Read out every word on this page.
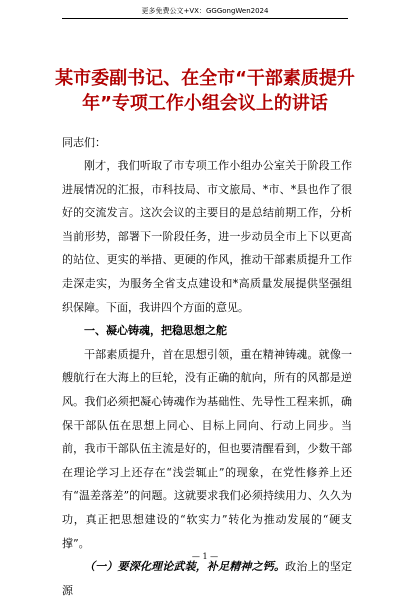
更多免费公文+VX：GGGongWen2024
某市委副书记、在全市“干部素质提升年”专项工作小组会议上的讲话
同志们：

刚才，我们听取了市专项工作小组办公室关于阶段工作进展情况的汇报，市科技局、市文旅局、*市、*县也作了很好的交流发言。这次会议的主要目的是总结前期工作，分析当前形势，部署下一阶段任务，进一步动员全市上下以更高的站位、更实的举措、更硬的作风，推动干部素质提升工作走深走实，为服务全省支点建设和*高质量发展提供坚强组织保障。下面，我讲四个方面的意见。

一、凝心铸魂，把稳思想之舵

干部素质提升，首在思想引领，重在精神铸魂。就像一艘航行在大海上的巨轮，没有正确的航向，所有的风都是逆风。我们必须把凝心铸魂作为基础性、先导性工程来抓，确保干部队伍在思想上同心、目标上同向、行动上同步。当前，我市干部队伍主流是好的，但也要清醒看到，少数干部在理论学习上还存在“浅尝辄止”的现象，在党性修养上还有“温差落差”的问题。这就要求我们必须持续用力、久久为功，真正把思想建设的“软实力”转化为推动发展的“硬支撑”。

（一）要深化理论武装，补足精神之钙。政治上的坚定源

— 1 —
